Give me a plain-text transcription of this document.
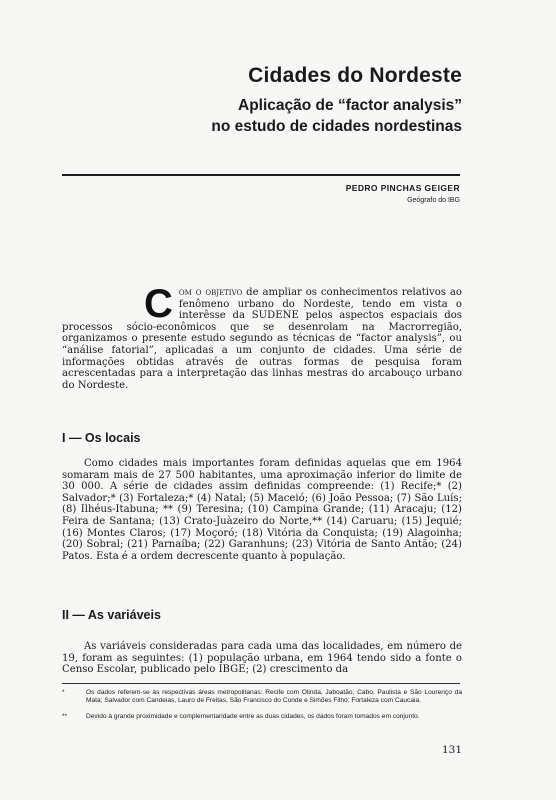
Cidades do Nordeste
Aplicação de “factor analysis”
no estudo de cidades nordestinas
PEDRO PINCHAS GEIGER
Geógrafo do IBG
Com o objetivo de ampliar os conhecimentos relativos ao fenômeno urbano do Nordeste, tendo em vista o interêsse da SUDENE pelos aspectos espaciais dos processos sócio-econômicos que se desenrolam na Macrorregião, organizamos o presente estudo segundo as técnicas de “factor analysis”, ou “análise fatorial”, aplicadas a um conjunto de cidades. Uma série de informações obtidas através de outras formas de pesquisa foram acrescentadas para a interpretação das linhas mestras do arcabouço urbano do Nordeste.
I — Os locais
Como cidades mais importantes foram definidas aquelas que em 1964 somaram mais de 27 500 habitantes, uma aproximação inferior do limite de 30 000. A série de cidades assim definidas compreende: (1) Recife;* (2) Salvador;* (3) Fortaleza;* (4) Natal; (5) Maceió; (6) João Pessoa; (7) São Luís; (8) Ilhéus-Itabuna; ** (9) Teresina; (10) Campina Grande; (11) Aracaju; (12) Feira de Santana; (13) Crato-Juàzeiro do Norte,** (14) Caruaru; (15) Jequié; (16) Montes Claros; (17) Moçoró; (18) Vitória da Conquista; (19) Alagoinha; (20) Sobral; (21) Parnaíba; (22) Garanhuns; (23) Vitória de Santo Antão; (24) Patos. Esta é a ordem decrescente quanto à população.
II — As variáveis
As variáveis consideradas para cada uma das localidades, em número de 19, foram as seguintes: (1) população urbana, em 1964 tendo sido a fonte o Censo Escolar, publicado pelo IBGE; (2) crescimento da
*	Os dados referem-se às respectivas áreas metropolitanas: Recife com Olinda, Jaboatão, Cabo, Paulista e São Lourenço da Mata; Salvador com Candeias, Lauro de Freitas, São Francisco do Conde e Simões Filho; Fortaleza com Caucaia.
**	Devido à grande proximidade e complementaridade entre as duas cidades, os dados foram tomados em conjunto.
131
